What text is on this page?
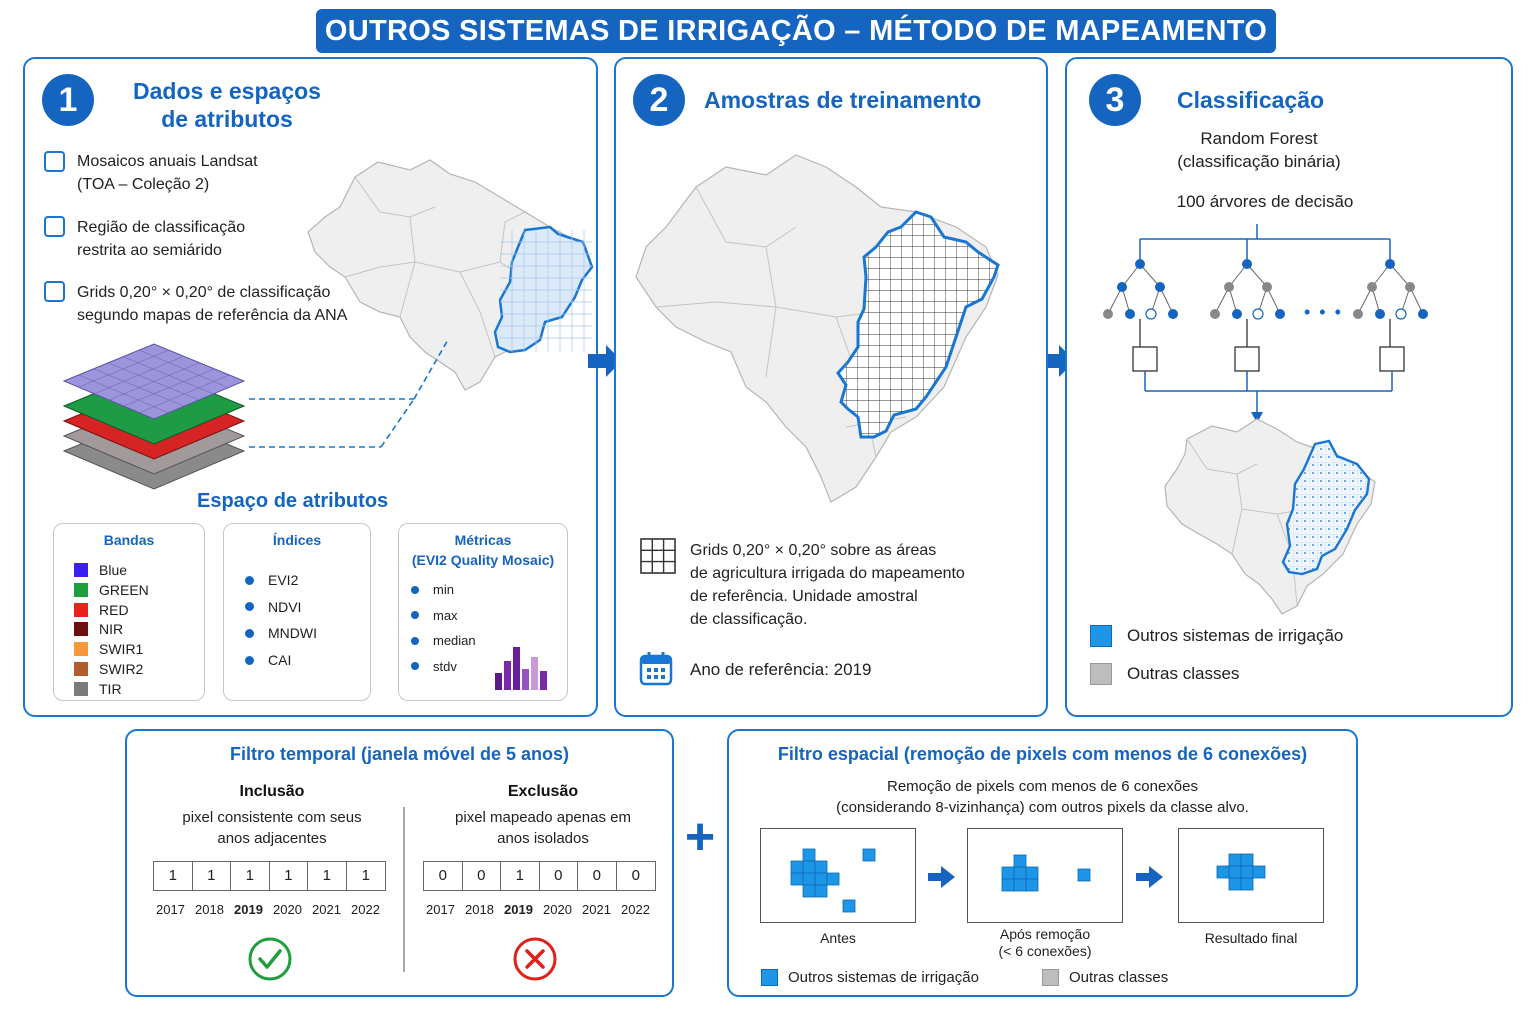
OUTROS SISTEMAS DE IRRIGAÇÃO – MÉTODO DE MAPEAMENTO
1	Dados e espaços
de atributos
Mosaicos anuais Landsat
(TOA – Coleção 2)
Região de classificação
restrita ao semiárido
Grids 0,20° × 0,20° de classificação
segundo mapas de referência da ANA
Espaço de atributos
Bandas
Blue
GREEN
RED
NIR
SWIR1
SWIR2
TIR
Índices
EVI2
NDVI
MNDWI
CAI
Métricas
(EVI2 Quality Mosaic)
min
max
median
stdv
2	Amostras de treinamento
Grids 0,20° × 0,20° sobre as áreas
de agricultura irrigada do mapeamento
de referência. Unidade amostral
de classificação.
Ano de referência: 2019
3	Classificação
Random Forest
(classificação binária)
100 árvores de decisão
• • •
Outros sistemas de irrigação
Outras classes
Filtro temporal (janela móvel de 5 anos)
Inclusão
pixel consistente com seus
anos adjacentes
1	1	1	1	1	1
2017 2018 2019 2020 2021 2022
Exclusão
pixel mapeado apenas em
anos isolados
0	0	1	0	0	0
2017 2018 2019 2020 2021 2022
+
Filtro espacial (remoção de pixels com menos de 6 conexões)
Remoção de pixels com menos de 6 conexões
(considerando 8-vizinhança) com outros pixels da classe alvo.
Antes	Após remoção
(< 6 conexões)
Resultado final
Outros sistemas de irrigação	Outras classes
